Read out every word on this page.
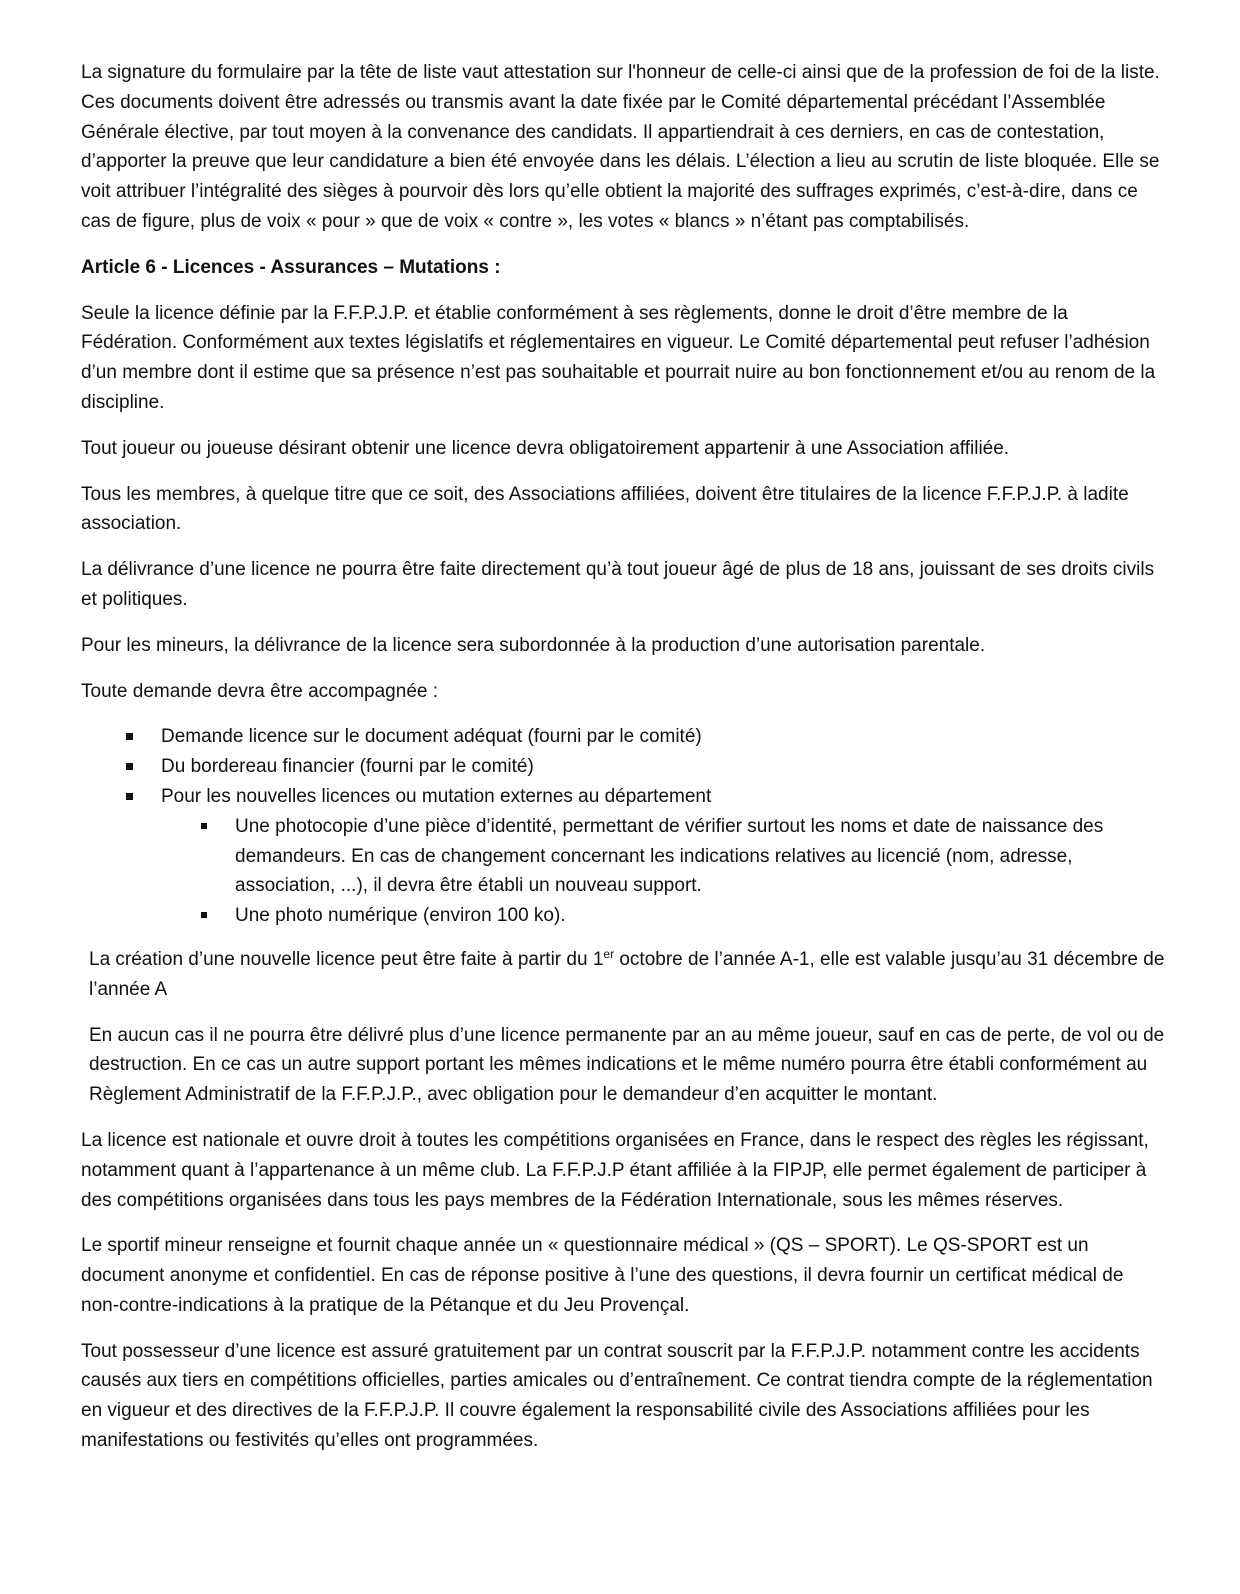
La signature du formulaire par la tête de liste vaut attestation sur l'honneur de celle-ci ainsi que de la profession de foi de la liste. Ces documents doivent être adressés ou transmis avant la date fixée par le Comité départemental précédant l’Assemblée Générale élective, par tout moyen à la convenance des candidats. Il appartiendrait à ces derniers, en cas de contestation, d’apporter la preuve que leur candidature a bien été envoyée dans les délais. L’élection a lieu au scrutin de liste bloquée. Elle se voit attribuer l’intégralité des sièges à pourvoir dès lors qu’elle obtient la majorité des suffrages exprimés, c’est-à-dire, dans ce cas de figure, plus de voix « pour » que de voix « contre », les votes « blancs » n’étant pas comptabilisés.

Article 6 - Licences - Assurances – Mutations :

Seule la licence définie par la F.F.P.J.P. et établie conformément à ses règlements, donne le droit d’être membre de la Fédération. Conformément aux textes législatifs et réglementaires en vigueur. Le Comité départemental peut refuser l’adhésion d’un membre dont il estime que sa présence n’est pas souhaitable et pourrait nuire au bon fonctionnement et/ou au renom de la discipline.

Tout joueur ou joueuse désirant obtenir une licence devra obligatoirement appartenir à une Association affiliée.

Tous les membres, à quelque titre que ce soit, des Associations affiliées, doivent être titulaires de la licence F.F.P.J.P. à ladite association.

La délivrance d’une licence ne pourra être faite directement qu’à tout joueur âgé de plus de 18 ans, jouissant de ses droits civils et politiques.

Pour les mineurs, la délivrance de la licence sera subordonnée à la production d’une autorisation parentale.

Toute demande devra être accompagnée :

Demande licence sur le document adéquat (fourni par le comité)
Du bordereau financier (fourni par le comité)
Pour les nouvelles licences ou mutation externes au département
Une photocopie d’une pièce d’identité, permettant de vérifier surtout les noms et date de naissance des demandeurs. En cas de changement concernant les indications relatives au licencié (nom, adresse, association, ...), il devra être établi un nouveau support.
Une photo numérique (environ 100 ko).

La création d’une nouvelle licence peut être faite à partir du 1er octobre de l’année A-1, elle est valable jusqu’au 31 décembre de l’année A

En aucun cas il ne pourra être délivré plus d’une licence permanente par an au même joueur, sauf en cas de perte, de vol ou de destruction. En ce cas un autre support portant les mêmes indications et le même numéro pourra être établi conformément au Règlement Administratif de la F.F.P.J.P., avec obligation pour le demandeur d’en acquitter le montant.

La licence est nationale et ouvre droit à toutes les compétitions organisées en France, dans le respect des règles les régissant, notamment quant à l’appartenance à un même club. La F.F.P.J.P étant affiliée à la FIPJP, elle permet également de participer à des compétitions organisées dans tous les pays membres de la Fédération Internationale, sous les mêmes réserves.

Le sportif mineur renseigne et fournit chaque année un « questionnaire médical » (QS – SPORT). Le QS-SPORT est un document anonyme et confidentiel. En cas de réponse positive à l’une des questions, il devra fournir un certificat médical de non-contre-indications à la pratique de la Pétanque et du Jeu Provençal.

Tout possesseur d’une licence est assuré gratuitement par un contrat souscrit par la F.F.P.J.P. notamment contre les accidents causés aux tiers en compétitions officielles, parties amicales ou d’entraînement. Ce contrat tiendra compte de la réglementation en vigueur et des directives de la F.F.P.J.P. Il couvre également la responsabilité civile des Associations affiliées pour les manifestations ou festivités qu’elles ont programmées.
